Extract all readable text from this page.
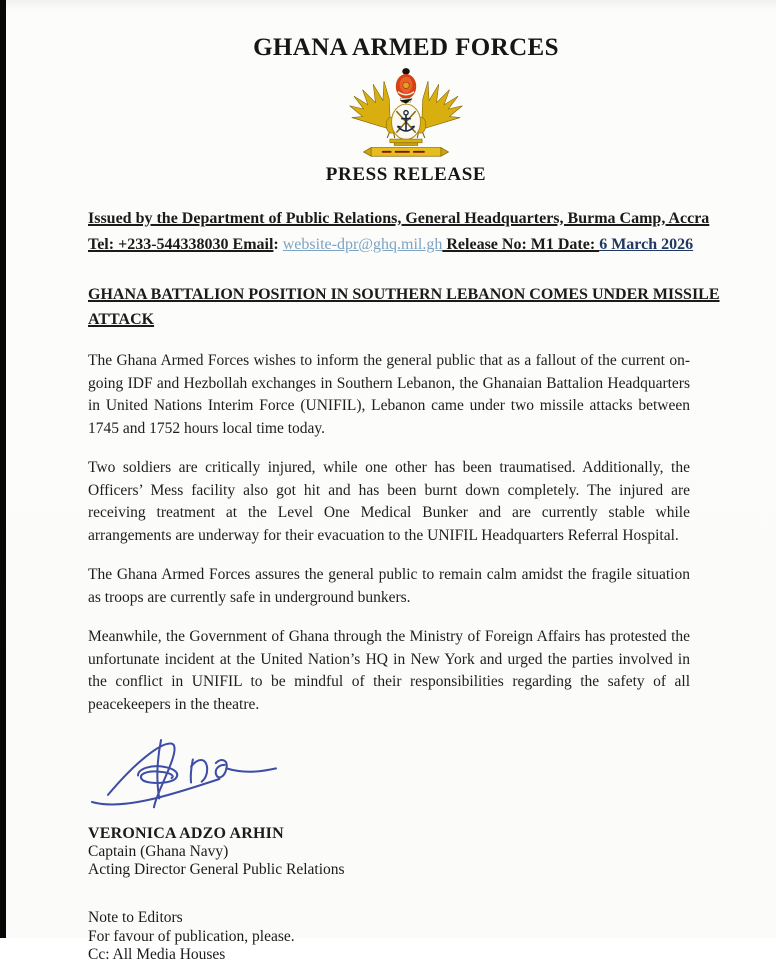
GHANA ARMED FORCES
PRESS RELEASE
Issued by the Department of Public Relations, General Headquarters, Burma Camp, Accra
Tel: +233-544338030 Email: website-dpr@ghq.mil.gh Release No: M1 Date: 6 March 2026
GHANA BATTALION POSITION IN SOUTHERN LEBANON COMES UNDER MISSILE ATTACK

The Ghana Armed Forces wishes to inform the general public that as a fallout of the current on-going IDF and Hezbollah exchanges in Southern Lebanon, the Ghanaian Battalion Headquarters in United Nations Interim Force (UNIFIL), Lebanon came under two missile attacks between 1745 and 1752 hours local time today.

Two soldiers are critically injured, while one other has been traumatised. Additionally, the Officers’ Mess facility also got hit and has been burnt down completely. The injured are receiving treatment at the Level One Medical Bunker and are currently stable while arrangements are underway for their evacuation to the UNIFIL Headquarters Referral Hospital.

The Ghana Armed Forces assures the general public to remain calm amidst the fragile situation as troops are currently safe in underground bunkers.

Meanwhile, the Government of Ghana through the Ministry of Foreign Affairs has protested the unfortunate incident at the United Nation’s HQ in New York and urged the parties involved in the conflict in UNIFIL to be mindful of their responsibilities regarding the safety of all peacekeepers in the theatre.

VERONICA ADZO ARHIN
Captain (Ghana Navy)
Acting Director General Public Relations
Note to Editors
For favour of publication, please.
Cc: All Media Houses
